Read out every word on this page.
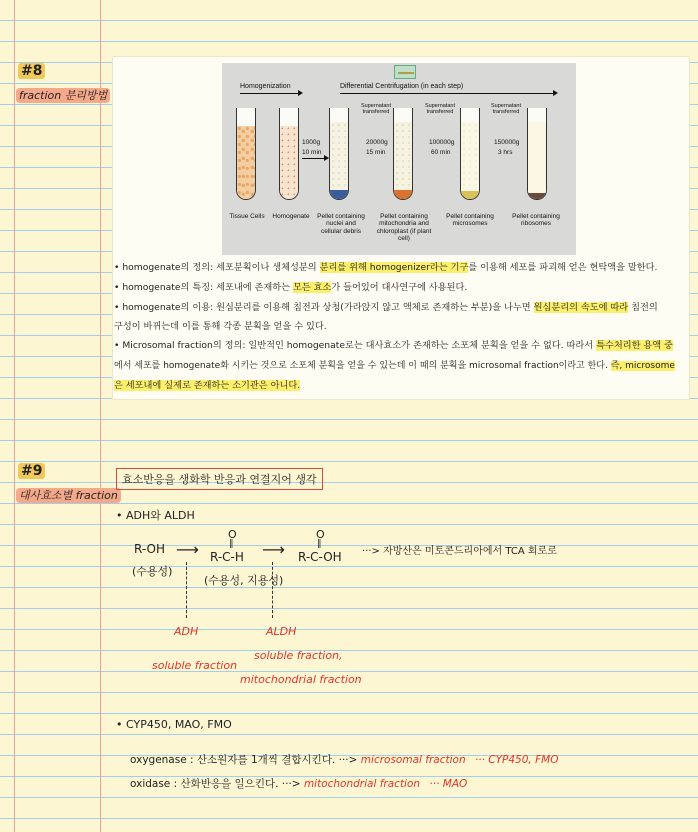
#8
fraction 분리방법
Homogenization	Differential Centrifugation (in each step)
1000g
10 min
Supernatant transferred
20000g
15 min
Supernatant transferred
100000g
60 min
Supernatant transferred
150000g
3 hrs
Tissue Cells	Homogenate	Pellet containing nuclei and cellular debris
Pellet containing mitochondria and chloroplast (if plant cell)
Pellet containing microsomes
Pellet containing ribosomes
• homogenate의 정의: 세포분획이나 생체성분의 분리를 위해 homogenizer라는 기구를 이용해 세포를 파괴해 얻은 현탁액을 말한다.
• homogenate의 특징: 세포내에 존재하는 모든 효소가 들어있어 대사연구에 사용된다.
• homogenate의 이용: 원심분리를 이용해 침전과 상청(가라앉지 않고 액체로 존재하는 부분)을 나누면 원심분리의 속도에 따라 침전의
구성이 바뀌는데 이를 통해 각종 분획을 얻을 수 있다.
• Microsomal fraction의 정의: 일반적인 homogenate로는 대사효소가 존재하는 소포체 분획을 얻을 수 없다. 따라서 특수처리한 용액 중
에서 세포를 homogenate화 시키는 것으로 소포체 분획을 얻을 수 있는데 이 때의 분획을 microsomal fraction이라고 한다. 즉, microsome
은 세포내에 실제로 존재하는 소기관은 아니다.
#9
대사효소별 fraction
효소반응을 생화학 반응과 연결지어 생각
• ADH와 ALDH
R-OH
(수용성)
⟶
O
‖
R-C-H
(수용성, 지용성)
⟶
O
‖
R-C-OH ···> 자방산은 미토콘드리아에서 TCA 회로로
ADH	ALDH
soluble fraction
soluble fraction,
mitochondrial fraction
• CYP450, MAO, FMO
oxygenase : 산소원자를 1개씩 결합시킨다. ···> microsomal fraction ··· CYP450, FMO
oxidase : 산화반응을 일으킨다. ···> mitochondrial fraction ··· MAO
